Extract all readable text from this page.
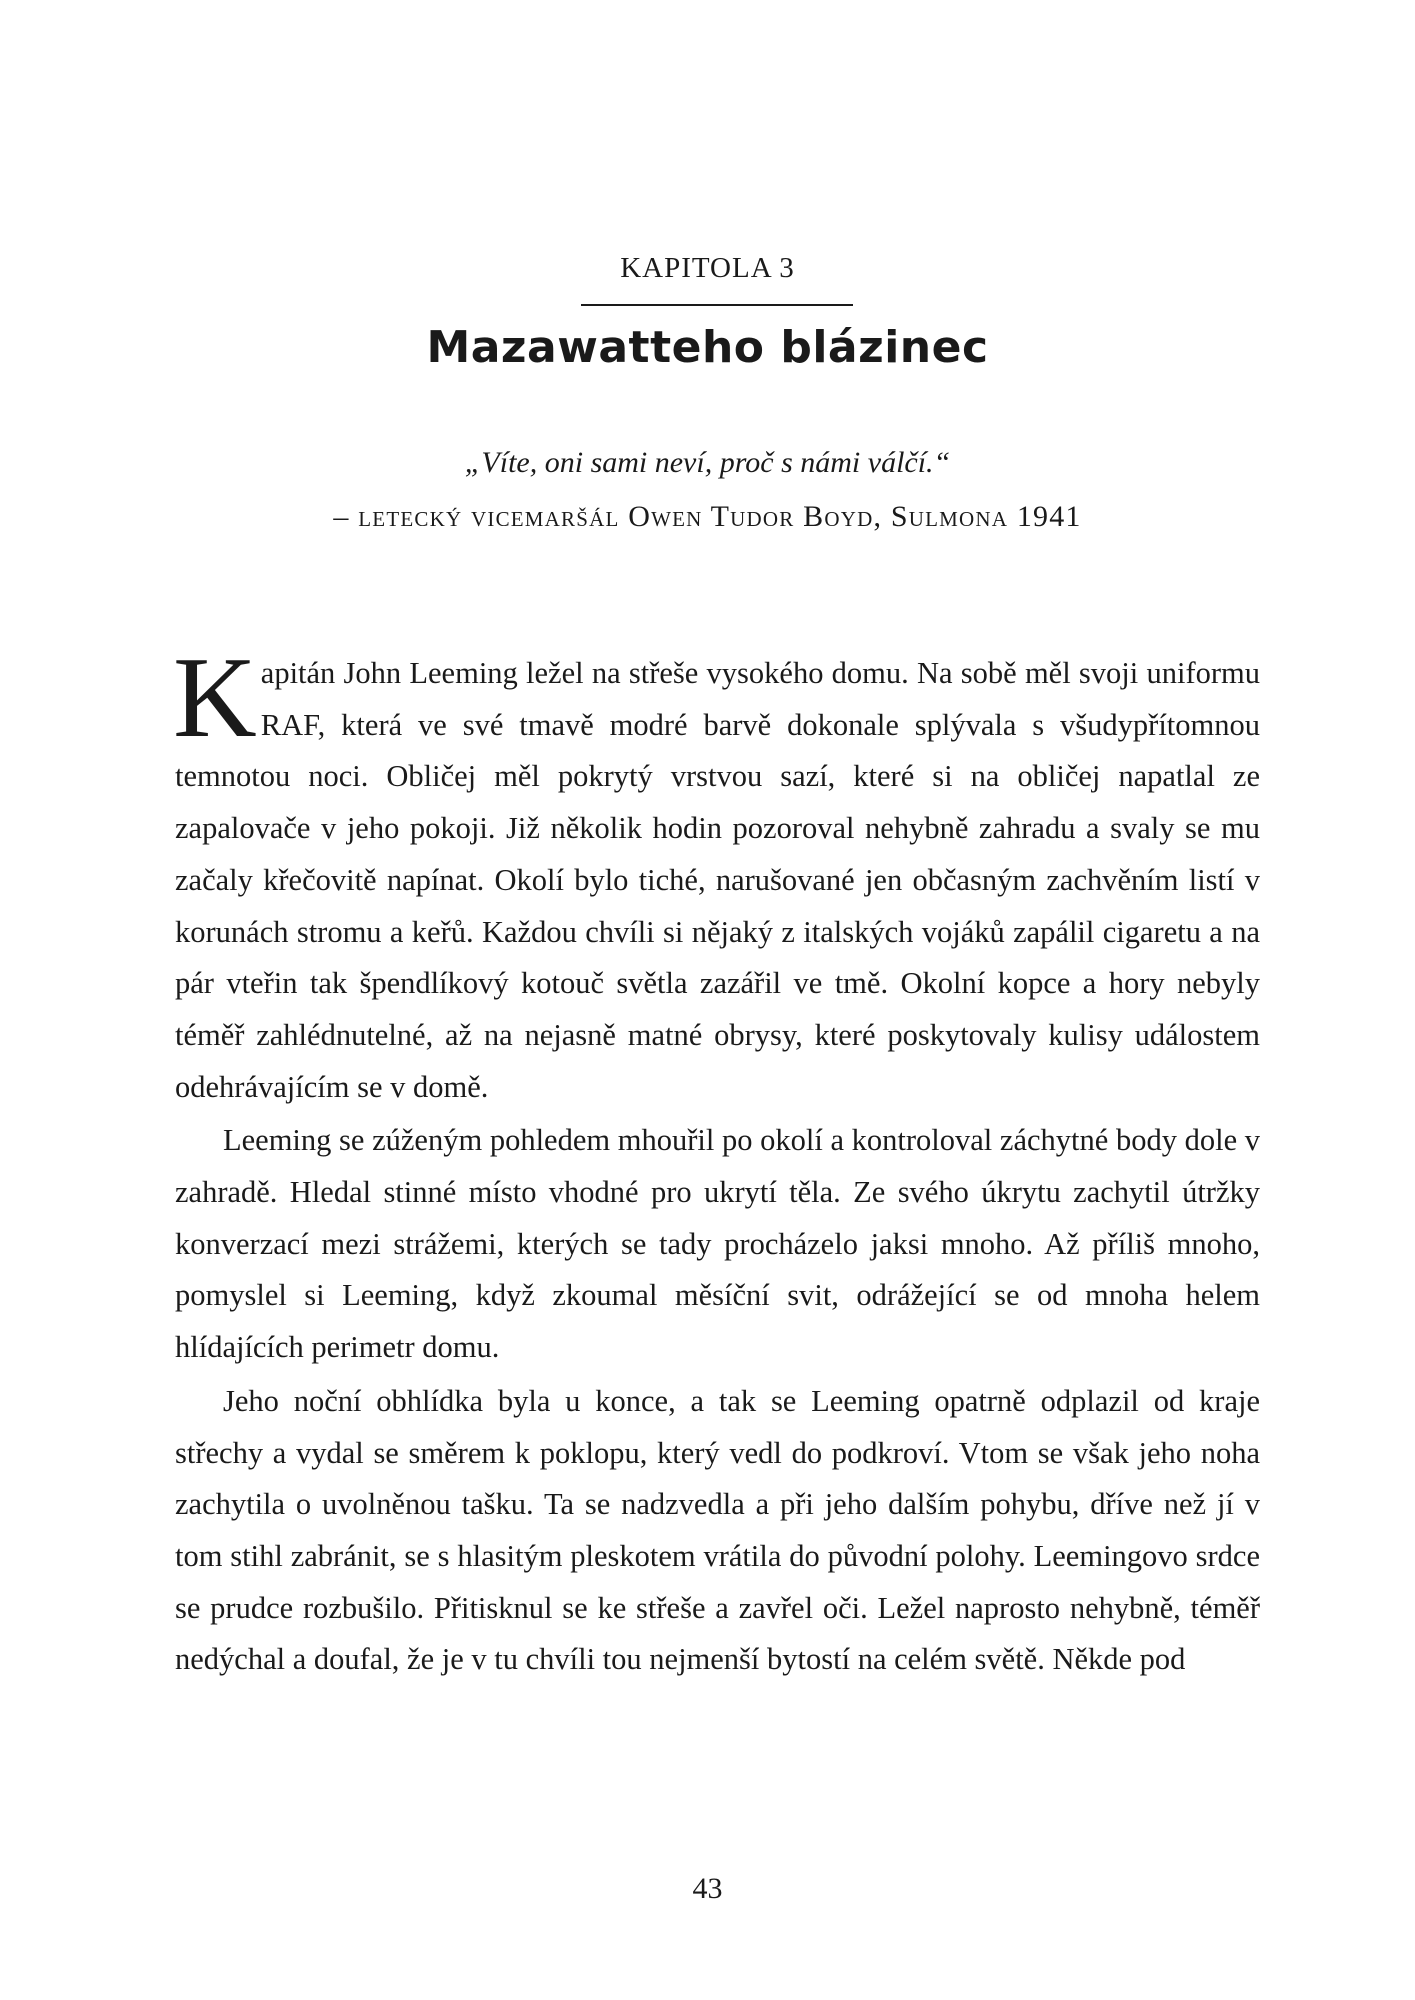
KAPITOLA 3
Mazawatteho blázinec
„Víte, oni sami neví, proč s námi válčí.“
– letecký vicemaršál Owen Tudor Boyd, Sulmona 1941

Kapitán John Leeming ležel na střeše vysokého domu. Na sobě měl svoji uniformu RAF, která ve své tmavě modré barvě dokonale splývala s všudypřítomnou temnotou noci. Obličej měl pokrytý vrstvou sazí, které si na obličej napatlal ze zapalovače v jeho pokoji. Již několik hodin pozoroval nehybně zahradu a svaly se mu začaly křečovitě napínat. Okolí bylo tiché, narušované jen občasným zachvěním listí v korunách stromu a keřů. Každou chvíli si nějaký z italských vojáků zapálil cigaretu a na pár vteřin tak špendlíkový kotouč světla zazářil ve tmě. Okolní kopce a hory nebyly téměř zahlédnutelné, až na nejasně matné obrysy, které poskytovaly kulisy událostem odehrávajícím se v domě.

Leeming se zúženým pohledem mhouřil po okolí a kontroloval záchytné body dole v zahradě. Hledal stinné místo vhodné pro ukrytí těla. Ze svého úkrytu zachytil útržky konverzací mezi strážemi, kterých se tady procházelo jaksi mnoho. Až příliš mnoho, pomyslel si Leeming, když zkoumal měsíční svit, odrážející se od mnoha helem hlídajících perimetr domu.

Jeho noční obhlídka byla u konce, a tak se Leeming opatrně odplazil od kraje střechy a vydal se směrem k poklopu, který vedl do podkroví. Vtom se však jeho noha zachytila o uvolněnou tašku. Ta se nadzvedla a při jeho dalším pohybu, dříve než jí v tom stihl zabránit, se s hlasitým pleskotem vrátila do původní polohy. Leemingovo srdce se prudce rozbušilo. Přitisknul se ke střeše a zavřel oči. Ležel naprosto nehybně, téměř nedýchal a doufal, že je v tu chvíli tou nejmenší bytostí na celém světě. Někde pod

43
